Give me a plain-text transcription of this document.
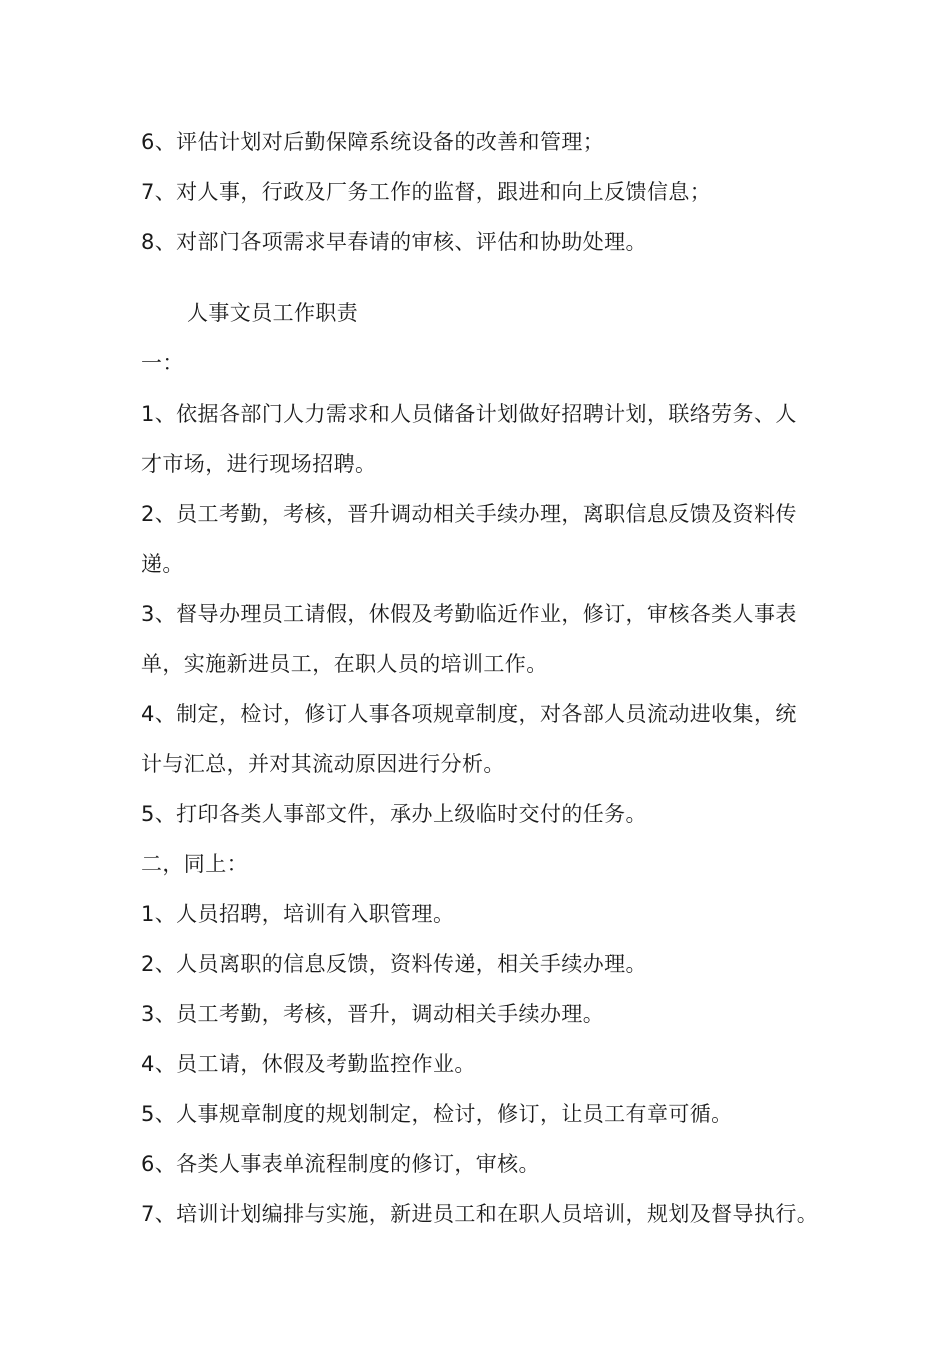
6、评估计划对后勤保障系统设备的改善和管理；
7、对人事，行政及厂务工作的监督，跟进和向上反馈信息；
8、对部门各项需求早春请的审核、评估和协助处理。
人事文员工作职责
一：
1、依据各部门人力需求和人员储备计划做好招聘计划，联络劳务、人
才市场，进行现场招聘。
2、员工考勤，考核，晋升调动相关手续办理，离职信息反馈及资料传
递。
3、督导办理员工请假，休假及考勤临近作业，修订，审核各类人事表
单，实施新进员工，在职人员的培训工作。
4、制定，检讨，修订人事各项规章制度，对各部人员流动进收集，统
计与汇总，并对其流动原因进行分析。
5、打印各类人事部文件，承办上级临时交付的任务。
二，同上：
1、人员招聘，培训有入职管理。
2、人员离职的信息反馈，资料传递，相关手续办理。
3、员工考勤，考核，晋升，调动相关手续办理。
4、员工请，休假及考勤监控作业。
5、人事规章制度的规划制定，检讨，修订，让员工有章可循。
6、各类人事表单流程制度的修订，审核。
7、培训计划编排与实施，新进员工和在职人员培训，规划及督导执行。
